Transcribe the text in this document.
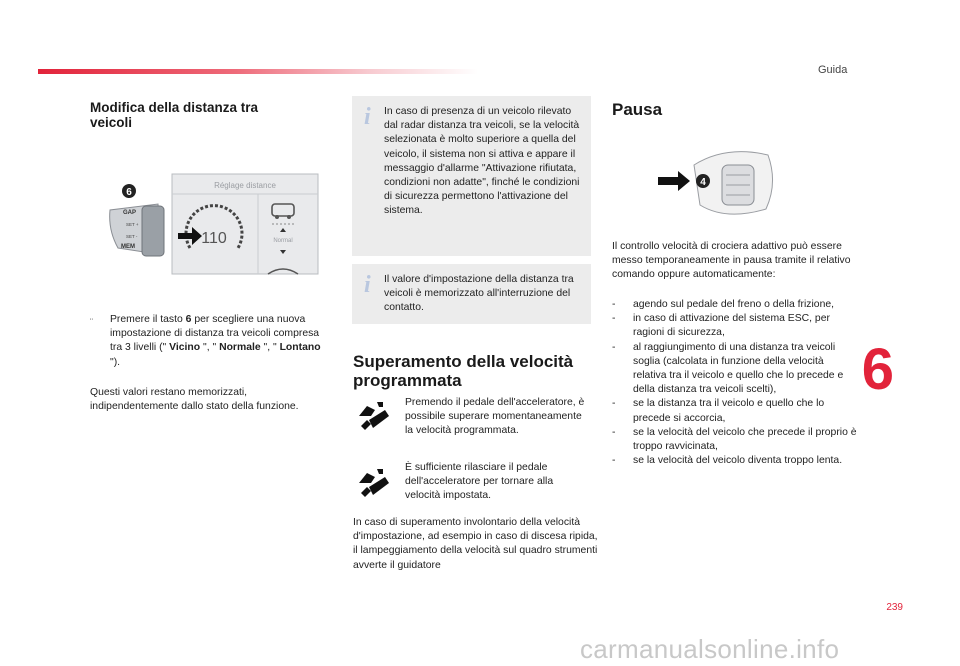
Guida
Modifica della distanza tra veicoli
GAP
SET +
SET -
MEM
6
Réglage distance
110	Normal
¨	Premere il tasto 6 per scegliere una nuova impostazione di distanza tra veicoli compresa tra 3 livelli (" Vicino ", " Normale ", " Lontano ").
Questi valori restano memorizzati, indipendentemente dallo stato della funzione.
i In caso di presenza di un veicolo rilevato dal radar distanza tra veicoli, se la velocità selezionata è molto superiore a quella del veicolo, il sistema non si attiva e appare il messaggio d'allarme "Attivazione rifiutata, condizioni non adatte", finché le condizioni di sicurezza permettono l'attivazione del sistema.
i Il valore d'impostazione della distanza tra veicoli è memorizzato all'interruzione del contatto.
Superamento della velocità programmata
Premendo il pedale dell'acceleratore, è possibile superare momentaneamente la velocità programmata.
È sufficiente rilasciare il pedale dell'acceleratore per tornare alla velocità impostata.
In caso di superamento involontario della velocità d'impostazione, ad esempio in caso di discesa ripida, il lampeggiamento della velocità sul quadro strumenti avverte il guidatore
Pausa
4
Il controllo velocità di crociera adattivo può essere messo temporaneamente in pausa tramite il relativo comando oppure automaticamente:
- agendo sul pedale del freno o della frizione,
- in caso di attivazione del sistema ESC, per ragioni di sicurezza,
- al raggiungimento di una distanza tra veicoli soglia (calcolata in funzione della velocità relativa tra il veicolo e quello che lo precede e della distanza tra veicoli scelti),
- se la distanza tra il veicolo e quello che lo precede si accorcia,
- se la velocità del veicolo che precede il proprio è troppo ravvicinata,
- se la velocità del veicolo diventa troppo lenta.
6
239
carmanualsonline.info
